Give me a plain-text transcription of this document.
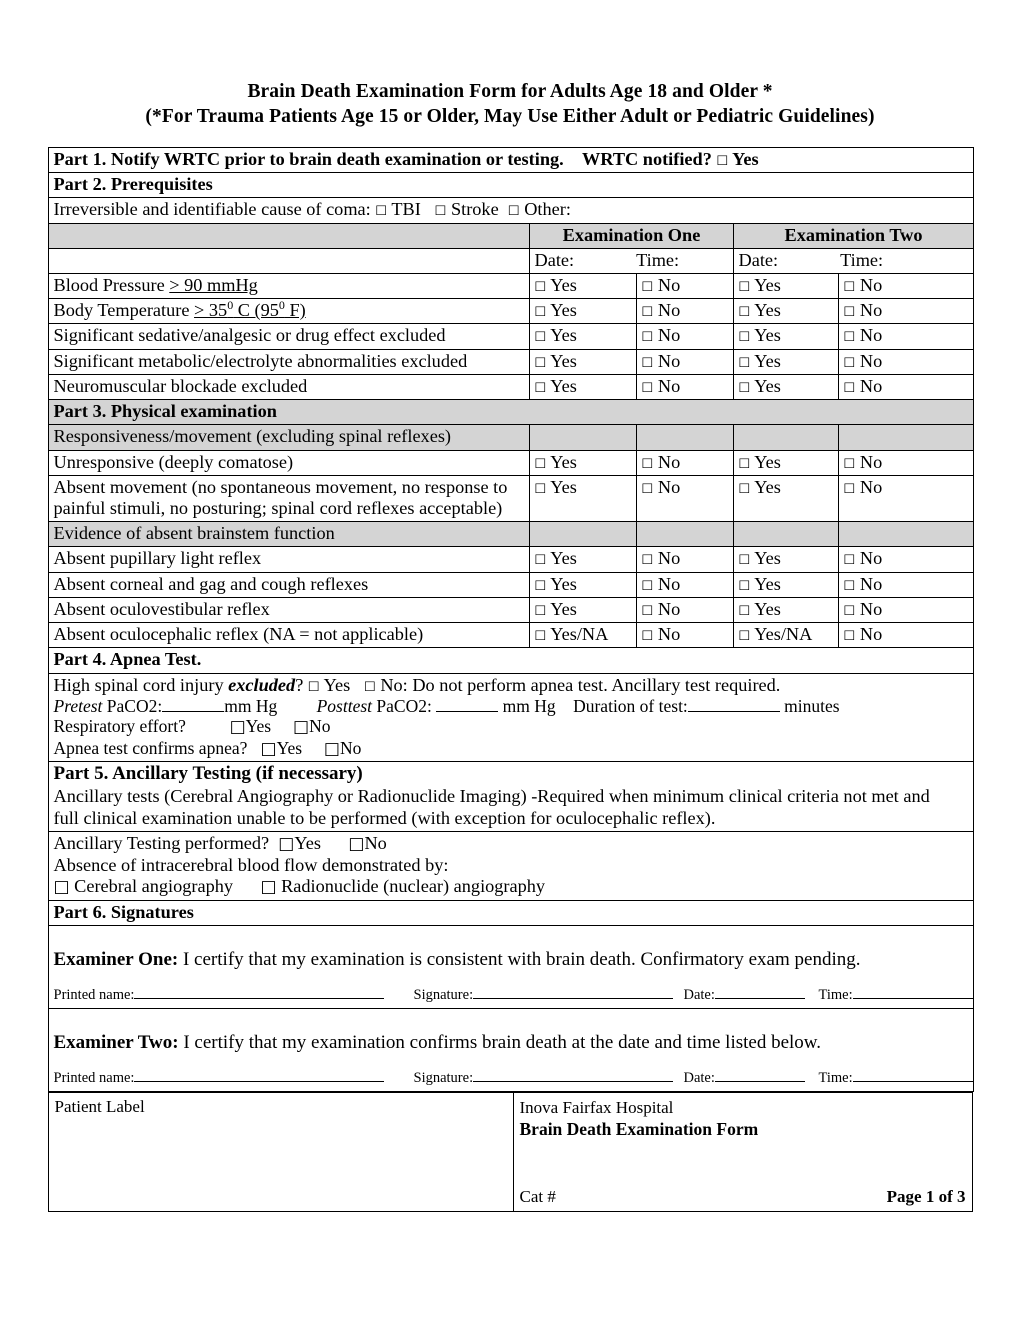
Brain Death Examination Form for Adults Age 18 and Older *
(*For Trauma Patients Age 15 or Older, May Use Either Adult or Pediatric Guidelines)
Part 1. Notify WRTC prior to brain death examination or testing. WRTC notified? □ Yes				
Part 2. Prerequisites				
Irreversible and identifiable cause of coma: □ TBI □ Stroke □ Other:				
	Examination One		Examination Two	
	Date: Time:		Date: Time:	
Blood Pressure > 90 mmHg	□ Yes	□ No	□ Yes	□ No
Body Temperature > $35^0$ C ($95^0$ F)	□ Yes	□ No	□ Yes	□ No
Significant sedative/analgesic or drug effect excluded	□ Yes	□ No	□ Yes	□ No
Significant metabolic/electrolyte abnormalities excluded	□ Yes	□ No	□ Yes	□ No
Neuromuscular blockade excluded	□ Yes	□ No	□ Yes	□ No
Part 3. Physical examination				
Responsiveness/movement (excluding spinal reflexes)				
Unresponsive (deeply comatose)	□ Yes	□ No	□ Yes	□ No
Absent movement (no spontaneous movement, no response to painful stimuli, no posturing; spinal cord reflexes acceptable)	□ Yes	□ No	□ Yes	□ No
Evidence of absent brainstem function				
Absent pupillary light reflex	□ Yes	□ No	□ Yes	□ No
Absent corneal and gag and cough reflexes	□ Yes	□ No	□ Yes	□ No
Absent oculovestibular reflex	□ Yes	□ No	□ Yes	□ No
Absent oculocephalic reflex (NA = not applicable)	□ Yes/NA	□ No	□ Yes/NA	□ No
Part 4. Apnea Test.				

High spinal cord injury excluded? □ Yes □ No: Do not perform apnea test. Ancillary test required.
Pretest PaCO2: mm Hg Posttest PaCO2: mm Hg Duration of test: minutes
Respiratory effort? □Yes □No
Apnea test confirms apnea? □Yes □No				

Part 5. Ancillary Testing (if necessary)
Ancillary tests (Cerebral Angiography or Radionuclide Imaging) -Required when minimum clinical criteria not met and
full clinical examination unable to be performed (with exception for oculocephalic reflex).				

Ancillary Testing performed? □Yes □No
Absence of intracerebral blood flow demonstrated by:
□ Cerebral angiography □ Radionuclide (nuclear) angiography				

Part 6. Signatures				

Examiner One: I certify that my examination is consistent with brain death. Confirmatory exam pending.
Printed name: Signature: Date: Time:				

Examiner Two: I certify that my examination confirms brain death at the date and time listed below.
Printed name: Signature: Date: Time:				
Patient Label	Inova Fairfax Hospital
Brain Death Examination Form
Cat #	Page 1 of 3
